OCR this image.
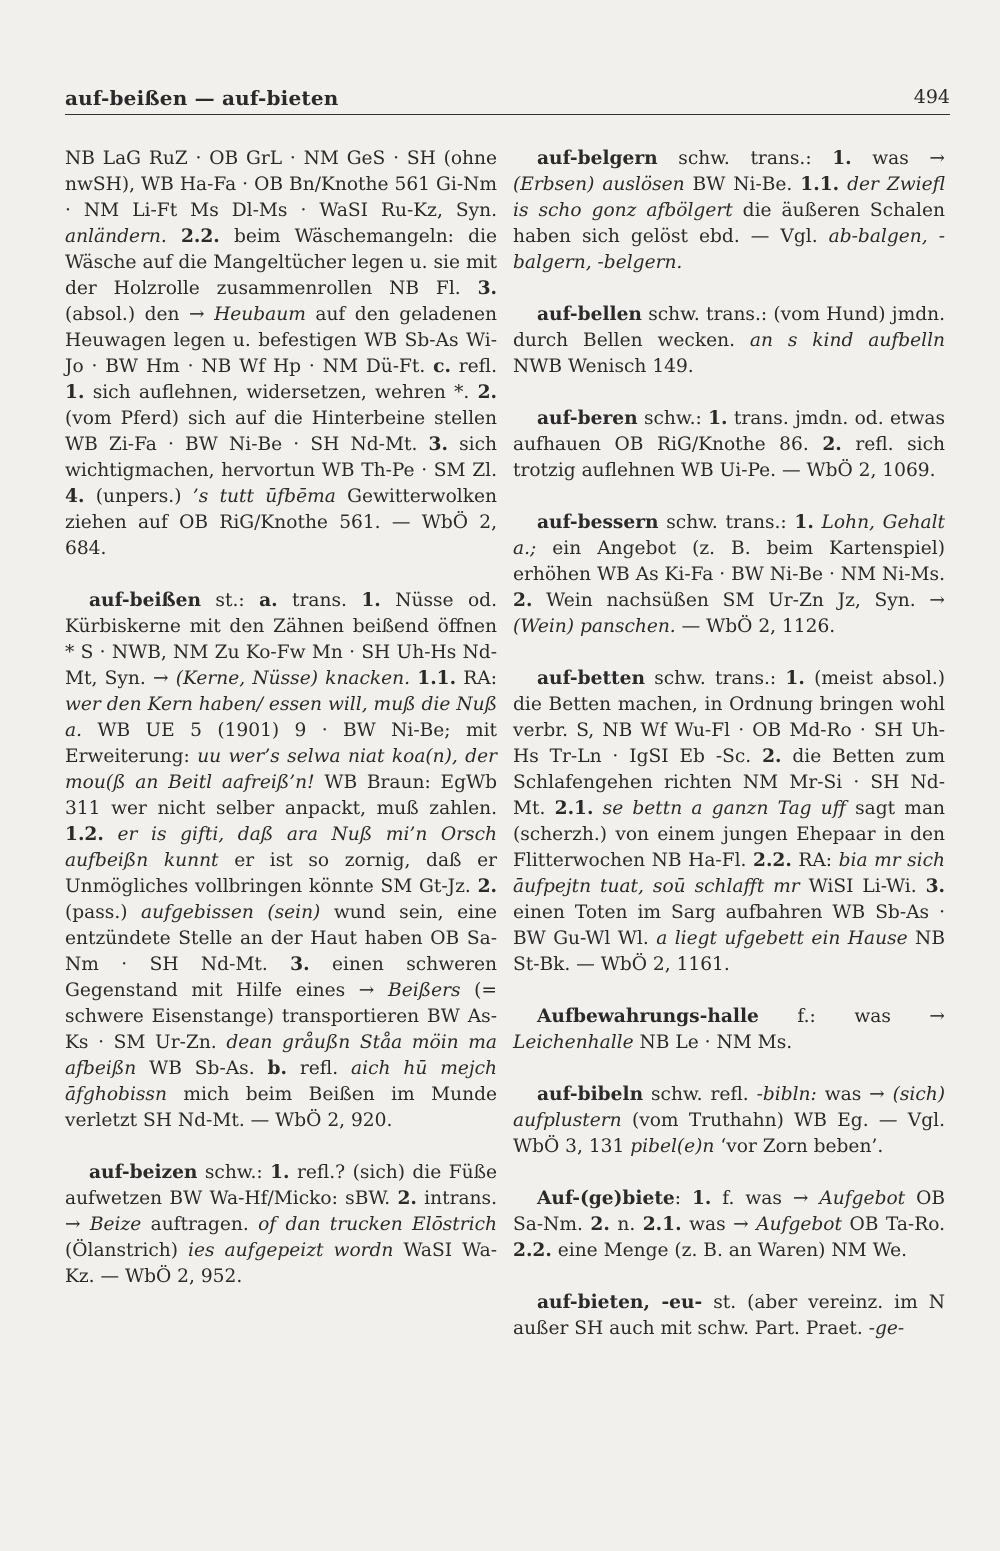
auf-beißen — auf-bieten	494

NB LaG RuZ · OB GrL · NM GeS · SH (ohne nwSH), WB Ha-Fa · OB Bn/Knothe 561 Gi-Nm · NM Li-Ft Ms Dl-Ms · WaSI Ru-Kz, Syn. anländern. 2.2. beim Wäschemangeln: die Wäsche auf die Mangeltücher legen u. sie mit der Holzrolle zusammenrollen NB Fl. 3. (absol.) den → Heubaum auf den geladenen Heuwagen legen u. befestigen WB Sb-As Wi-Jo · BW Hm · NB Wf Hp · NM Dü-Ft. c. refl. 1. sich auflehnen, widersetzen, wehren *. 2. (vom Pferd) sich auf die Hinterbeine stellen WB Zi-Fa · BW Ni-Be · SH Nd-Mt. 3. sich wichtigmachen, hervortun WB Th-Pe · SM Zl. 4. (unpers.) ’s tutt ūfbēma Gewitterwolken ziehen auf OB RiG/Knothe 561. — WbÖ 2, 684.

auf-beißen st.: a. trans. 1. Nüsse od. Kürbiskerne mit den Zähnen beißend öffnen * S · NWB, NM Zu Ko-Fw Mn · SH Uh-Hs Nd-Mt, Syn. → (Kerne, Nüsse) knacken. 1.1. RA: wer den Kern haben/ essen will, muß die Nuß a. WB UE 5 (1901) 9 · BW Ni-Be; mit Erweiterung: uu wer’s selwa niat koa(n), der mou(ß an Beitl aafreiß’n! WB Braun: EgWb 311 wer nicht selber anpackt, muß zahlen. 1.2. er is gifti, daß ara Nuß mi’n Orsch aufbeißn kunnt er ist so zornig, daß er Unmögliches vollbringen könnte SM Gt-Jz. 2. (pass.) aufgebissen (sein) wund sein, eine entzündete Stelle an der Haut haben OB Sa-Nm · SH Nd-Mt. 3. einen schweren Gegenstand mit Hilfe eines → Beißers (= schwere Eisenstange) transportieren BW As-Ks · SM Ur-Zn. dean gråußn Ståa möin ma afbeißn WB Sb-As. b. refl. aich hū mejch āfghobissn mich beim Beißen im Munde verletzt SH Nd-Mt. — WbÖ 2, 920.

auf-beizen schw.: 1. refl.? (sich) die Füße aufwetzen BW Wa-Hf/Micko: sBW. 2. intrans. → Beize auftragen. of dan trucken Elōstrich (Ölanstrich) ies aufgepeizt wordn WaSI Wa-Kz. — WbÖ 2, 952.

auf-belgern schw. trans.: 1. was → (Erbsen) auslösen BW Ni-Be. 1.1. der Zwiefl is scho gonz afbölgert die äußeren Schalen haben sich gelöst ebd. — Vgl. ab-balgen, -balgern, -belgern.

auf-bellen schw. trans.: (vom Hund) jmdn. durch Bellen wecken. an s kind aufbelln NWB Wenisch 149.

auf-beren schw.: 1. trans. jmdn. od. etwas aufhauen OB RiG/Knothe 86. 2. refl. sich trotzig auflehnen WB Ui-Pe. — WbÖ 2, 1069.

auf-bessern schw. trans.: 1. Lohn, Gehalt a.; ein Angebot (z. B. beim Kartenspiel) erhöhen WB As Ki-Fa · BW Ni-Be · NM Ni-Ms. 2. Wein nachsüßen SM Ur-Zn Jz, Syn. → (Wein) panschen. — WbÖ 2, 1126.

auf-betten schw. trans.: 1. (meist absol.) die Betten machen, in Ordnung bringen wohl verbr. S, NB Wf Wu-Fl · OB Md-Ro · SH Uh-Hs Tr-Ln · IgSI Eb -Sc. 2. die Betten zum Schlafengehen richten NM Mr-Si · SH Nd-Mt. 2.1. se bettn a ganzn Tag uff sagt man (scherzh.) von einem jungen Ehepaar in den Flitterwochen NB Ha-Fl. 2.2. RA: bia mr sich āufpejtn tuat, soū schlafft mr WiSI Li-Wi. 3. einen Toten im Sarg aufbahren WB Sb-As · BW Gu-Wl Wl. a liegt ufgebett ein Hause NB St-Bk. — WbÖ 2, 1161.

Aufbewahrungs-halle f.: was → Leichenhalle NB Le · NM Ms.

auf-bibeln schw. refl. -bibln: was → (sich) aufplustern (vom Truthahn) WB Eg. — Vgl. WbÖ 3, 131 pibel(e)n ‘vor Zorn beben’.

Auf-(ge)biete: 1. f. was → Aufgebot OB Sa-Nm. 2. n. 2.1. was → Aufgebot OB Ta-Ro. 2.2. eine Menge (z. B. an Waren) NM We.

auf-bieten, -eu- st. (aber vereinz. im N außer SH auch mit schw. Part. Praet. -ge-
